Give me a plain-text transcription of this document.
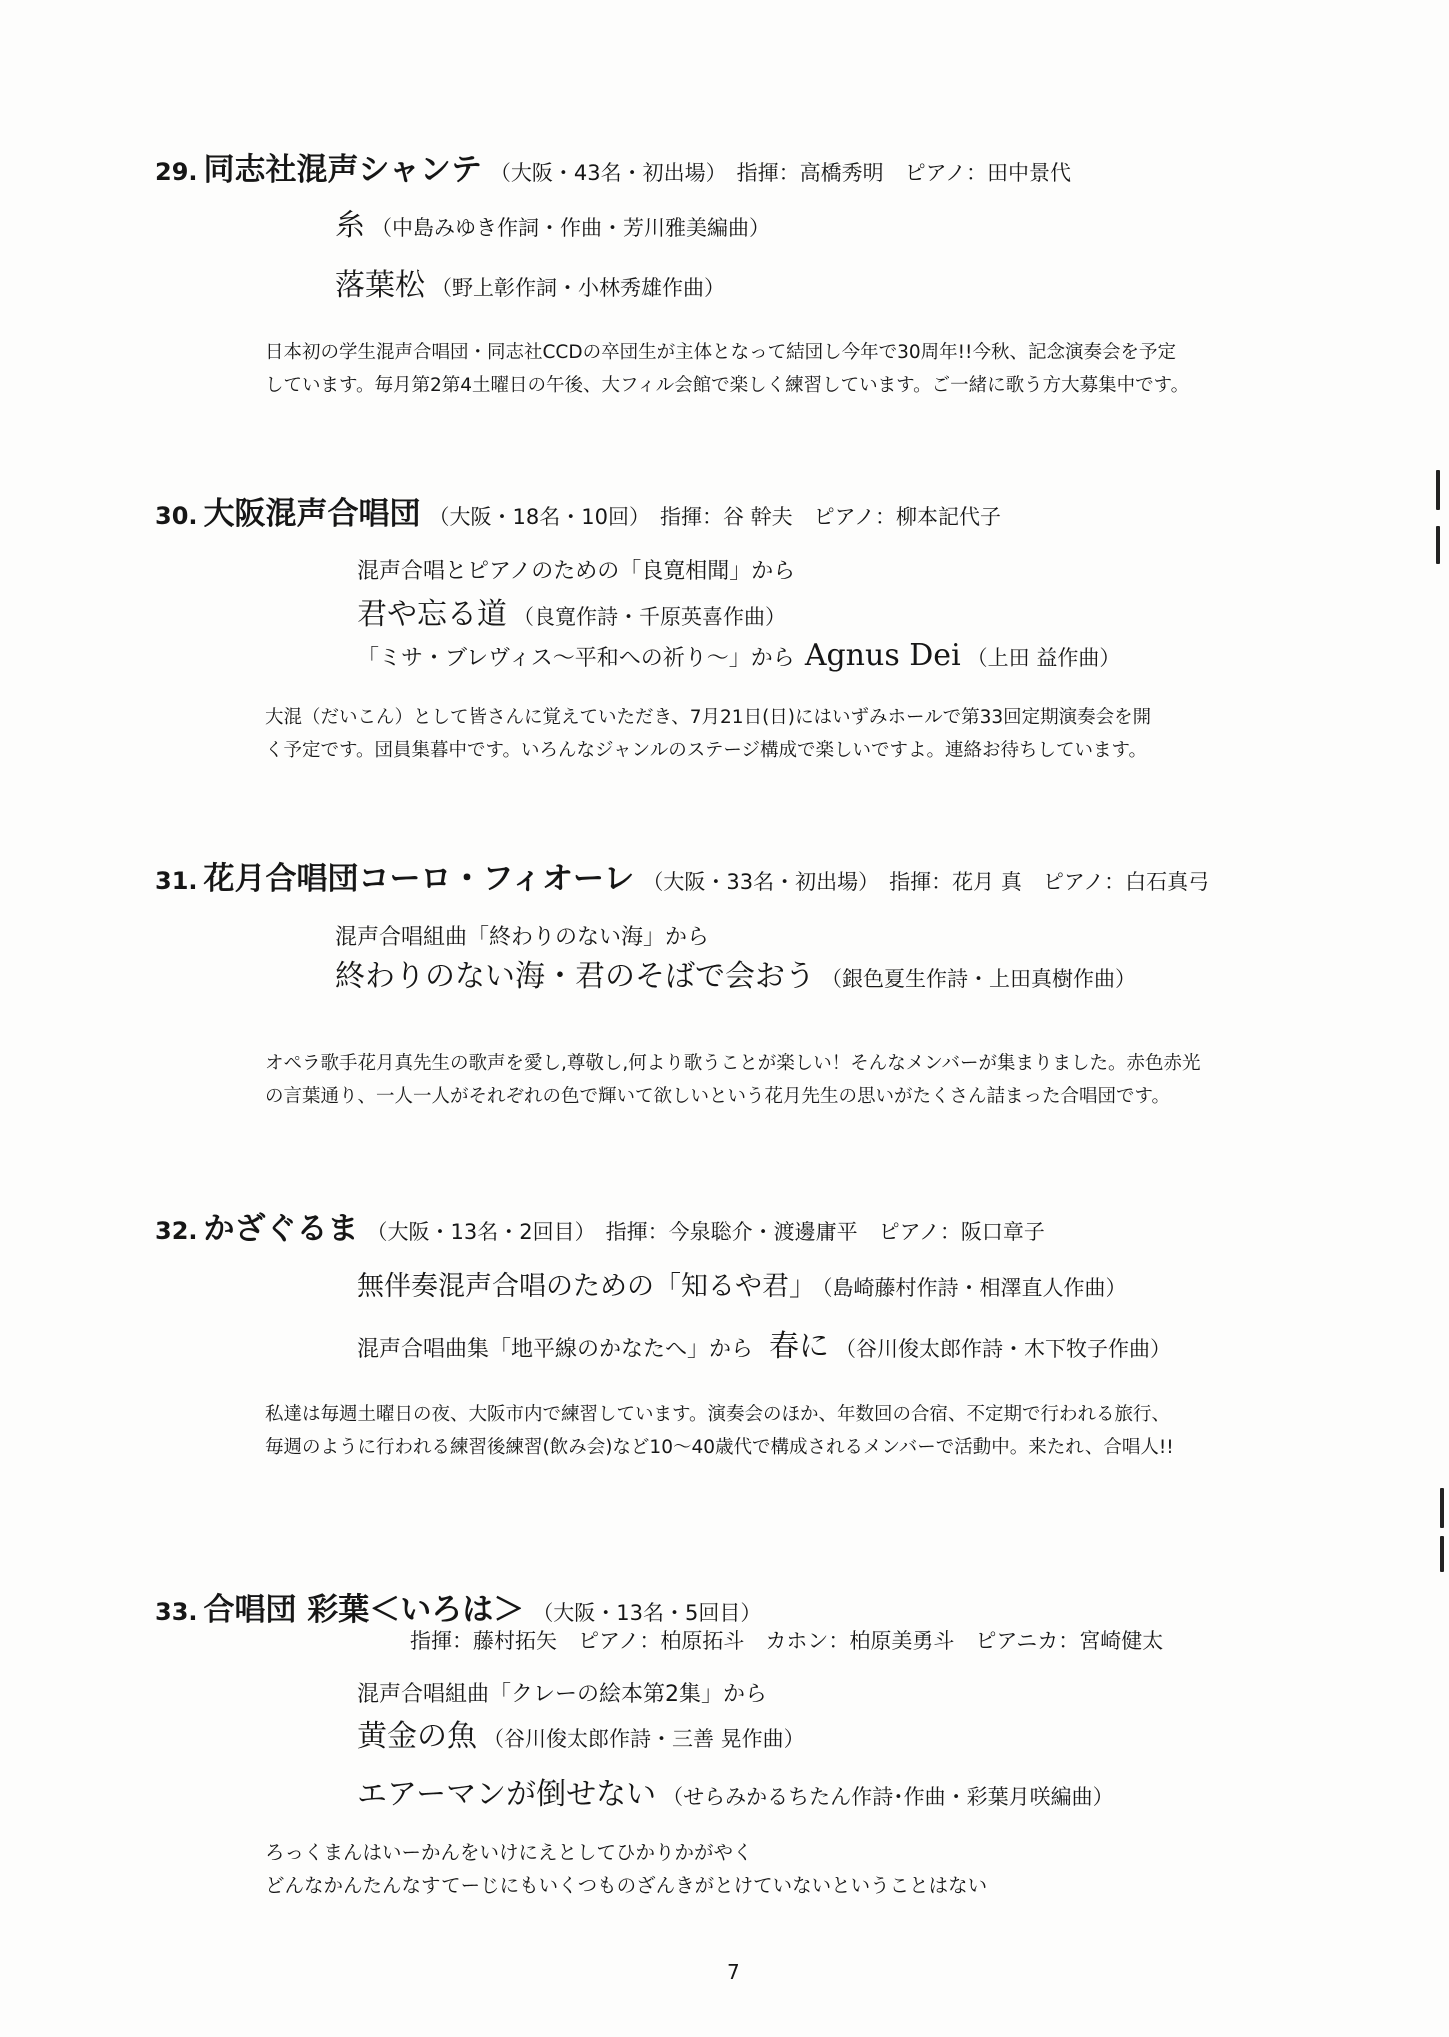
29. 同志社混声シャンテ （大阪・43名・初出場） 指揮：高橋秀明　ピアノ：田中景代
糸 （中島みゆき作詞・作曲・芳川雅美編曲）
落葉松 （野上彰作詞・小林秀雄作曲）
日本初の学生混声合唱団・同志社CCDの卒団生が主体となって結団し今年で30周年!!今秋、記念演奏会を予定
しています。毎月第2第4土曜日の午後、大フィル会館で楽しく練習しています。ご一緒に歌う方大募集中です。
30. 大阪混声合唱団 （大阪・18名・10回） 指揮：谷 幹夫　ピアノ：柳本記代子
混声合唱とピアノのための「良寛相聞」から
君や忘る道 （良寛作詩・千原英喜作曲）
「ミサ・ブレヴィス～平和への祈り～」から Agnus Dei （上田 益作曲）
大混（だいこん）として皆さんに覚えていただき、7月21日(日)にはいずみホールで第33回定期演奏会を開
く予定です。団員集暮中です。いろんなジャンルのステージ構成で楽しいですよ。連絡お待ちしています。
31. 花月合唱団コーロ・フィオーレ （大阪・33名・初出場） 指揮：花月 真　ピアノ：白石真弓
混声合唱組曲「終わりのない海」から
終わりのない海・君のそばで会おう （銀色夏生作詩・上田真樹作曲）
オペラ歌手花月真先生の歌声を愛し,尊敬し,何より歌うことが楽しい！そんなメンバーが集まりました。赤色赤光
の言葉通り、一人一人がそれぞれの色で輝いて欲しいという花月先生の思いがたくさん詰まった合唱団です。
32. かざぐるま （大阪・13名・2回目） 指揮：今泉聡介・渡邊庸平　ピアノ：阪口章子
無伴奏混声合唱のための「知るや君」 （島崎藤村作詩・相澤直人作曲）
混声合唱曲集「地平線のかなたへ」から 春に （谷川俊太郎作詩・木下牧子作曲）
私達は毎週土曜日の夜、大阪市内で練習しています。演奏会のほか、年数回の合宿、不定期で行われる旅行、
毎週のように行われる練習後練習(飲み会)など10～40歳代で構成されるメンバーで活動中。来たれ、合唱人!!
33. 合唱団 彩葉＜いろは＞ （大阪・13名・5回目）
指揮：藤村拓矢　ピアノ：柏原拓斗　カホン：柏原美勇斗　ピアニカ：宮崎健太
混声合唱組曲「クレーの絵本第2集」から
黄金の魚 （谷川俊太郎作詩・三善 晃作曲）
エアーマンが倒せない （せらみかるちたん作詩･作曲・彩葉月咲編曲）
ろっくまんはいーかんをいけにえとしてひかりかがやく
どんなかんたんなすてーじにもいくつものざんきがとけていないということはない
7
